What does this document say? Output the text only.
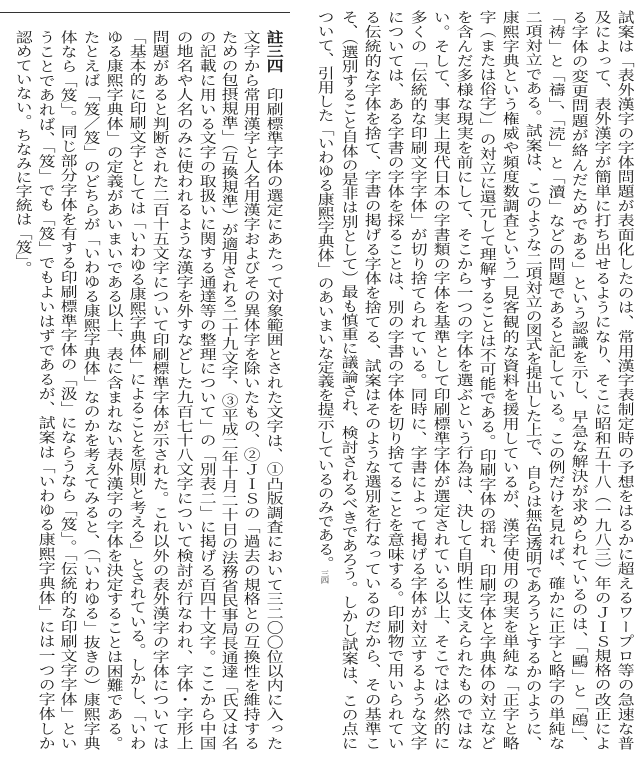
試案は「表外漢字の字体問題が表面化したのは、常用漢字表制定時の予想をはるかに超えるワープロ等の急速な普
及によって、表外漢字が簡単に打ち出せるようになり、そこに昭和五十八（一九八三）年のＪＩＳ規格の改正によ
る字体の変更問題が絡んだためである」という認識を示し、早急な解決が求められているのは、「鷗」と「鴎」、
「祷」と「禱」、「涜」と「瀆」などの問題であると記している。この例だけを見れば、確かに正字と略字の単純な
二項対立である。試案は、このような二項対立の図式を提出した上で、自らは無色透明であろうとするかのように、
康熙字典という権威や頻度数調査という一見客観的な資料を援用しているが、漢字使用の現実を単純な「正字と略
字（または俗字）」の対立に還元して理解することは不可能である。印刷字体の揺れ、印刷字体と字典体の対立など
を含んだ多様な現実を前にして、そこから一つの字体を選ぶという行為は、決して自明性に支えられたものではな
い。そして、事実上現代日本の字書類の字体を基準として印刷標準字体が選定されている以上、そこでは必然的に
多くの「伝統的な印刷文字字体」が切り捨てられている。同時に、字書によって掲げる字体が対立するような文字
については、ある字書の字体を採ることは、別の字書の字体を切り捨てることを意味する。印刷物で用いられてい
る伝統的な字体を捨て、字書の掲げる字体を捨てる、試案はそのような選別を行なっているのだから、その基準こ
そ、（選別すること自体の是非は別として）最も慎重に議論され、検討されるべきであろう。しかし試案は、この点に
ついて、引用した「いわゆる康熙字典体」のあいまいな定義を提示しているのみである。三四
註三四　印刷標準字体の選定にあたって対象範囲とされた文字は、①凸版調査において三二〇〇位以内に入った
文字から常用漢字と人名用漢字およびその異体字を除いたもの、②ＪＩＳの「過去の規格との互換性を維持する
ための包摂規準」（互換規準）が適用される二十九文字、③平成二年十月二十日の法務省民事局長通達「氏又は名
の記載に用いる文字の取扱いに関する通達等の整理について」の「別表二」に掲げる百四十文字。ここから中国
の地名や人名のみに使われるような漢字を外すなどした九百七十八文字について検討が行なわれ、字体・字形上
問題があると判断された二百十五文字について印刷標準字体が示された。これ以外の表外漢字の字体については
「基本的に印刷文字としては「いわゆる康熙字典体」によることを原則と考える」とされている。しかし、「いわ
ゆる康熙字典体」の定義があいまいである以上、表に含まれない表外漢字の字体を決定することは困難である。
たとえば「笈／笈」のどちらが「いわゆる康熙字典体」なのかを考えてみると、（「いわゆる」抜きの）康熙字典
体なら「笈」。同じ部分字体を有する印刷標準字体の「汲」にならうなら「笈」。「伝統的な印刷文字字体」とい
うことであれば、「笈」でも「笈」でもよいはずであるが、試案は「いわゆる康熙字典体」には一つの字体しか
認めていない。ちなみに字統は「笈」。
